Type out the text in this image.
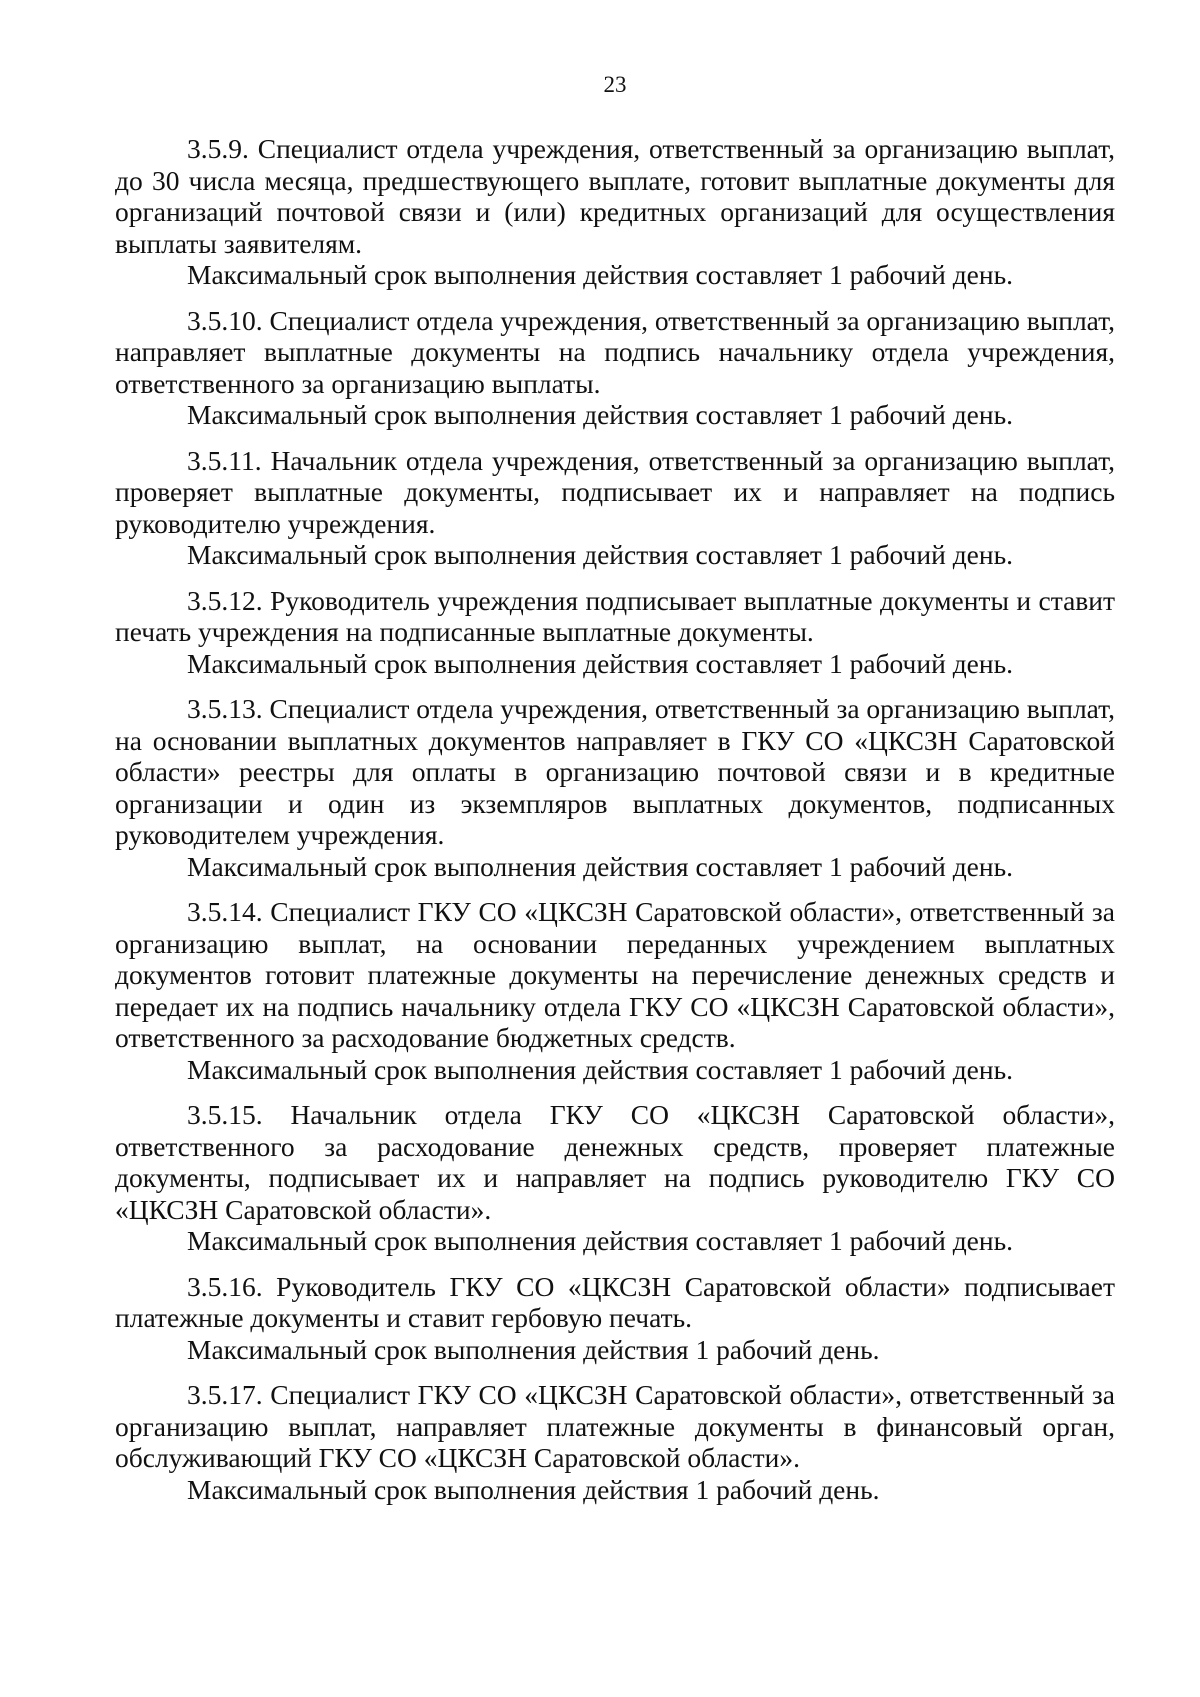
23

3.5.9. Специалист отдела учреждения, ответственный за организацию выплат, до 30 числа месяца, предшествующего выплате, готовит выплатные документы для организаций почтовой связи и (или) кредитных организаций для осуществления выплаты заявителям.

Максимальный срок выполнения действия составляет 1 рабочий день.

3.5.10. Специалист отдела учреждения, ответственный за организацию выплат, направляет выплатные документы на подпись начальнику отдела учреждения, ответственного за организацию выплаты.

Максимальный срок выполнения действия составляет 1 рабочий день.

3.5.11. Начальник отдела учреждения, ответственный за организацию выплат, проверяет выплатные документы, подписывает их и направляет на подпись руководителю учреждения.

Максимальный срок выполнения действия составляет 1 рабочий день.

3.5.12. Руководитель учреждения подписывает выплатные документы и ставит печать учреждения на подписанные выплатные документы.

Максимальный срок выполнения действия составляет 1 рабочий день.

3.5.13. Специалист отдела учреждения, ответственный за организацию выплат, на основании выплатных документов направляет в ГКУ СО «ЦКСЗН Саратовской области» реестры для оплаты в организацию почтовой связи и в кредитные организации и один из экземпляров выплатных документов, подписанных руководителем учреждения.

Максимальный срок выполнения действия составляет 1 рабочий день.

3.5.14. Специалист ГКУ СО «ЦКСЗН Саратовской области», ответственный за организацию выплат, на основании переданных учреждением выплатных документов готовит платежные документы на перечисление денежных средств и передает их на подпись начальнику отдела ГКУ СО «ЦКСЗН Саратовской области», ответственного за расходование бюджетных средств.

Максимальный срок выполнения действия составляет 1 рабочий день.

3.5.15. Начальник отдела ГКУ СО «ЦКСЗН Саратовской области», ответственного за расходование денежных средств, проверяет платежные документы, подписывает их и направляет на подпись руководителю ГКУ СО «ЦКСЗН Саратовской области».

Максимальный срок выполнения действия составляет 1 рабочий день.

3.5.16. Руководитель ГКУ СО «ЦКСЗН Саратовской области» подписывает платежные документы и ставит гербовую печать.

Максимальный срок выполнения действия 1 рабочий день.

3.5.17. Специалист ГКУ СО «ЦКСЗН Саратовской области», ответственный за организацию выплат, направляет платежные документы в финансовый орган, обслуживающий ГКУ СО «ЦКСЗН Саратовской области».

Максимальный срок выполнения действия 1 рабочий день.
